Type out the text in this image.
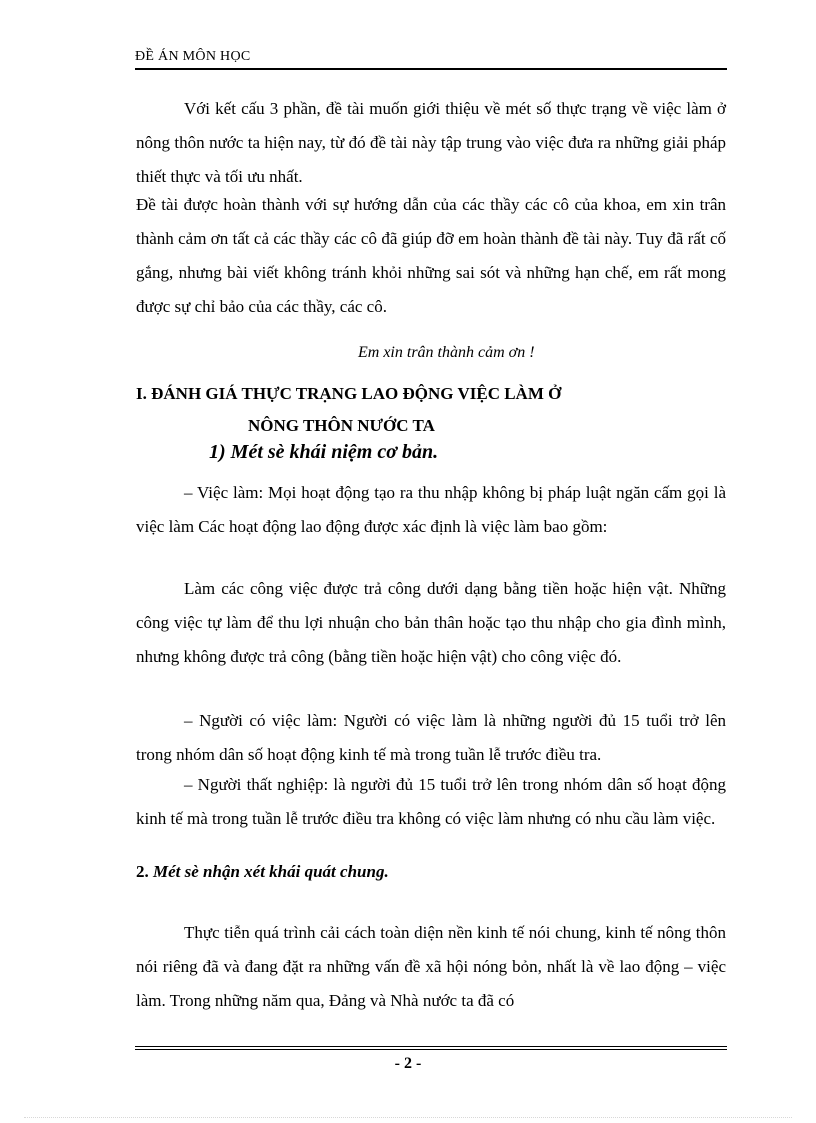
ĐỀ ÁN MÔN HỌC

Với kết cấu 3 phần, đề tài muốn giới thiệu về mét số thực trạng về việc làm ở nông thôn nước ta hiện nay, từ đó đề tài này tập trung vào việc đưa ra những giải pháp thiết thực và tối ưu nhất.

Đề tài được hoàn thành với sự hướng dẫn của các thầy các cô của khoa, em xin trân thành cảm ơn tất cả các thầy các cô đã giúp đỡ em hoàn thành đề tài này. Tuy đã rất cố gắng, nhưng bài viết không tránh khỏi những sai sót và những hạn chế, em rất mong được sự chỉ bảo của các thầy, các cô.

Em xin trân thành cảm ơn !
I. ĐÁNH GIÁ THỰC TRẠNG LAO ĐỘNG VIỆC LÀM Ở
NÔNG THÔN NƯỚC TA
1) Mét sè khái niệm cơ bản.

– Việc làm: Mọi hoạt động tạo ra thu nhập không bị pháp luật ngăn cấm gọi là việc làm Các hoạt động lao động được xác định là việc làm bao gồm:

Làm các công việc được trả công dưới dạng bằng tiền hoặc hiện vật. Những công việc tự làm để thu lợi nhuận cho bản thân hoặc tạo thu nhập cho gia đình mình, nhưng không được trả công (bằng tiền hoặc hiện vật) cho công việc đó.

– Người có việc làm: Người có việc làm là những người đủ 15 tuổi trở lên trong nhóm dân số hoạt động kinh tế mà trong tuần lễ trước điều tra.

– Người thất nghiệp: là người đủ 15 tuổi trở lên trong nhóm dân số hoạt động kinh tế mà trong tuần lễ trước điều tra không có việc làm nhưng có nhu cầu làm việc.

2. Mét sè nhận xét khái quát chung.

Thực tiễn quá trình cải cách toàn diện nền kinh tế nói chung, kinh tế nông thôn nói riêng đã và đang đặt ra những vấn đề xã hội nóng bỏn, nhất là về lao động – việc làm. Trong những năm qua, Đảng và Nhà nước ta đã có

- 2 -
